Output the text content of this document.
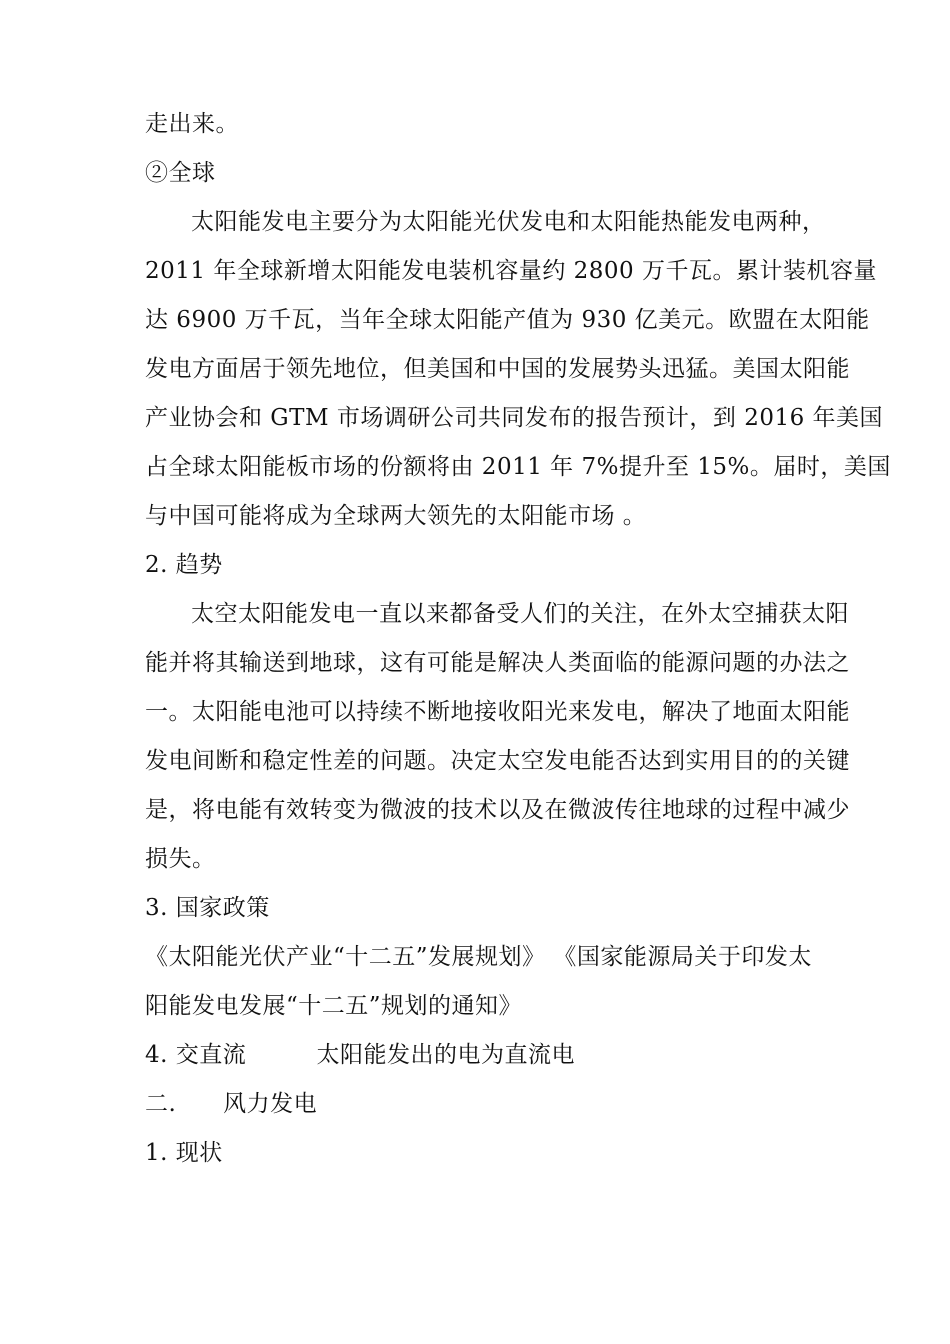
走出来。
②全球
太阳能发电主要分为太阳能光伏发电和太阳能热能发电两种，
2011 年全球新增太阳能发电装机容量约 2800 万千瓦。累计装机容量
达 6900 万千瓦，当年全球太阳能产值为 930 亿美元。欧盟在太阳能
发电方面居于领先地位，但美国和中国的发展势头迅猛。美国太阳能
产业协会和 GTM 市场调研公司共同发布的报告预计，到 2016 年美国
占全球太阳能板市场的份额将由 2011 年 7%提升至 15%。届时，美国
与中国可能将成为全球两大领先的太阳能市场 。
2. 趋势
太空太阳能发电一直以来都备受人们的关注，在外太空捕获太阳
能并将其输送到地球，这有可能是解决人类面临的能源问题的办法之
一。太阳能电池可以持续不断地接收阳光来发电，解决了地面太阳能
发电间断和稳定性差的问题。决定太空发电能否达到实用目的的关键
是，将电能有效转变为微波的技术以及在微波传往地球的过程中减少
损失。
3. 国家政策
《太阳能光伏产业“十二五”发展规划》 《国家能源局关于印发太
阳能发电发展“十二五”规划的通知》
4. 交直流         太阳能发出的电为直流电
二.      风力发电
1. 现状
